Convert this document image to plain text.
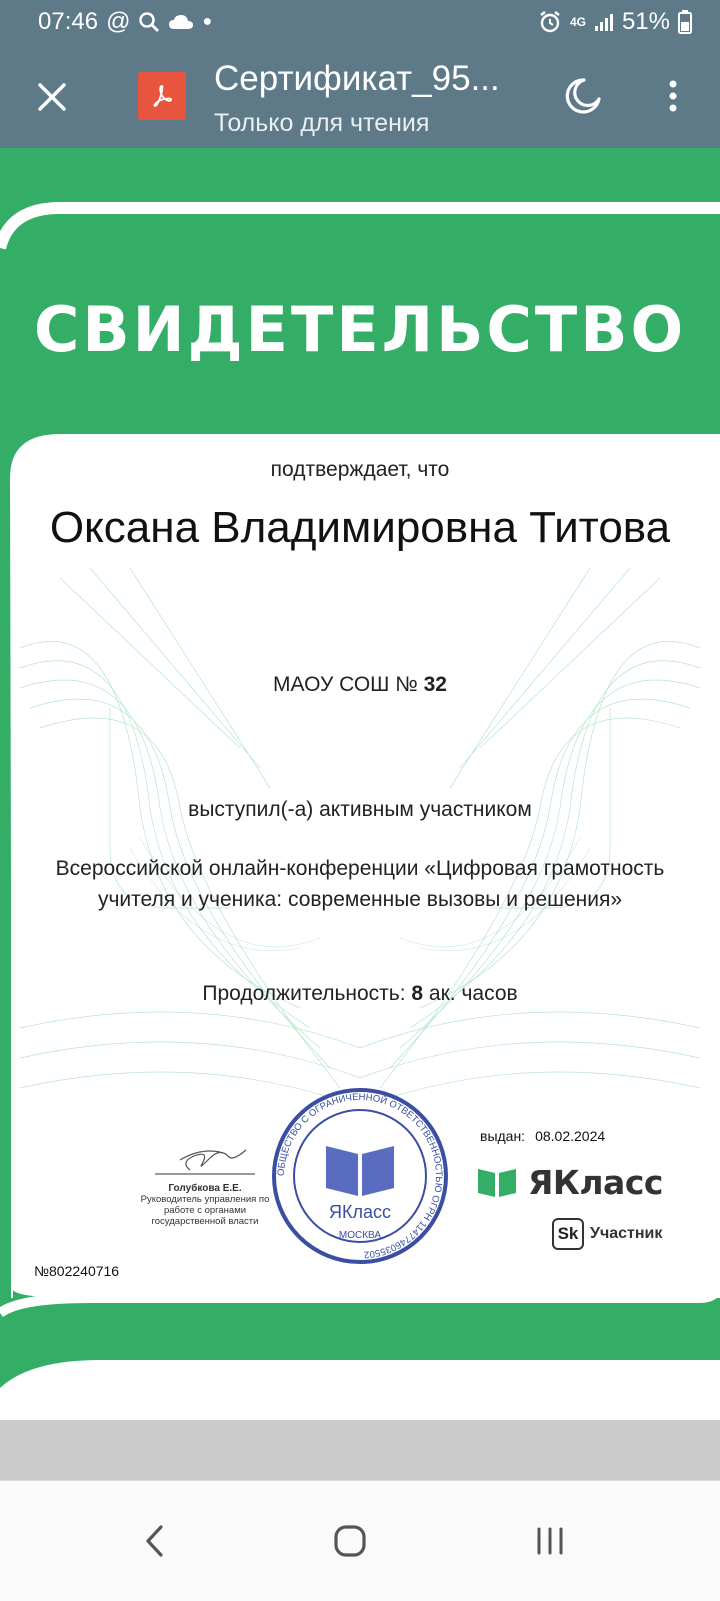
07:46 @	●	4G 51%
Сертификат_95...
Только для чтения
СВИДЕТЕЛЬСТВО
подтверждает, что
Оксана Владимировна Титова
МАОУ СОШ № 32
выступил(-а) активным участником
Всероссийской онлайн-конференции «Цифровая грамотность учителя и ученика: современные вызовы и решения»
Продолжительность: 8 ак. часов
Голубкова Е.Е.
Руководитель управления по работе с органами государственной власти
ОБЩЕСТВО С ОГРАНИЧЕННОЙ ОТВЕТСТВЕННОСТЬЮ ОГРН 1147746035502
ЯКласс
МОСКВА
выдан: 08.02.2024
ЯКласс
Sk Участник
№802240716
